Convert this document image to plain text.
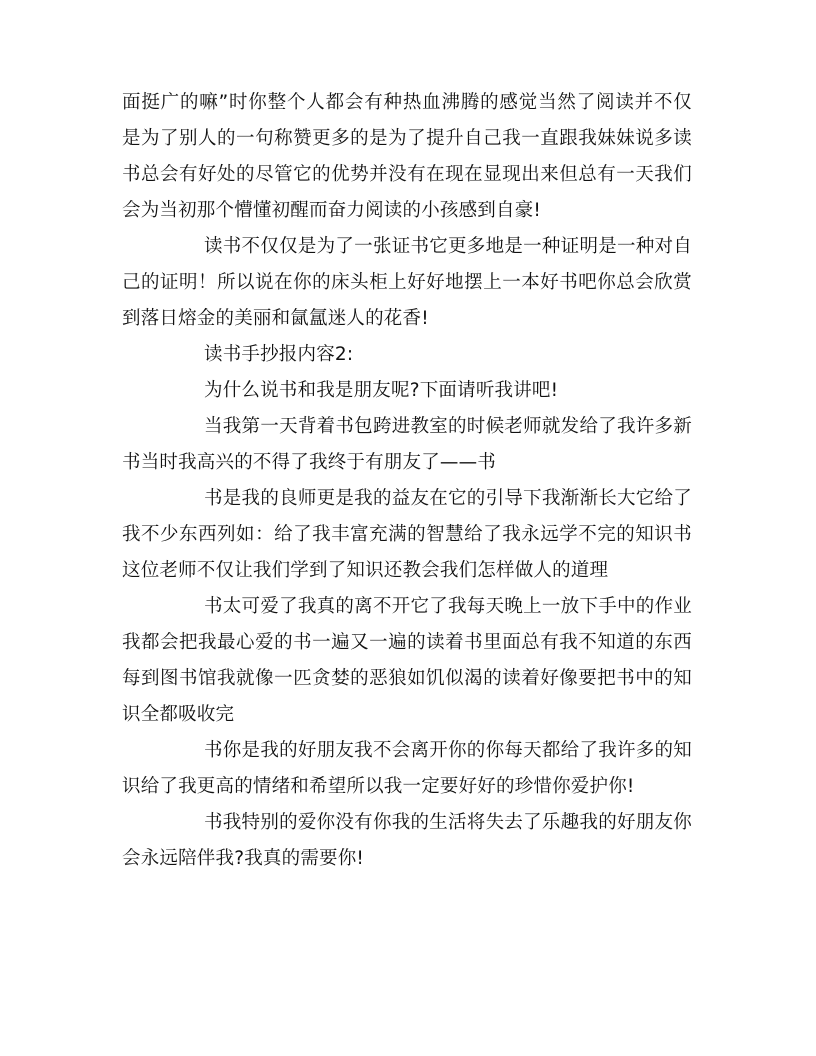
面挺广的嘛”时你整个人都会有种热血沸腾的感觉当然了阅读并不仅
是为了别人的一句称赞更多的是为了提升自己我一直跟我妹妹说多读
书总会有好处的尽管它的优势并没有在现在显现出来但总有一天我们
会为当初那个懵懂初醒而奋力阅读的小孩感到自豪!
读书不仅仅是为了一张证书它更多地是一种证明是一种对自
己的证明！所以说在你的床头柜上好好地摆上一本好书吧你总会欣赏
到落日熔金的美丽和氤氲迷人的花香!
读书手抄报内容2:
为什么说书和我是朋友呢?下面请听我讲吧!
当我第一天背着书包跨进教室的时候老师就发给了我许多新
书当时我高兴的不得了我终于有朋友了——书
书是我的良师更是我的益友在它的引导下我渐渐长大它给了
我不少东西列如：给了我丰富充满的智慧给了我永远学不完的知识书
这位老师不仅让我们学到了知识还教会我们怎样做人的道理
书太可爱了我真的离不开它了我每天晚上一放下手中的作业
我都会把我最心爱的书一遍又一遍的读着书里面总有我不知道的东西
每到图书馆我就像一匹贪婪的恶狼如饥似渴的读着好像要把书中的知
识全都吸收完
书你是我的好朋友我不会离开你的你每天都给了我许多的知
识给了我更高的情绪和希望所以我一定要好好的珍惜你爱护你!
书我特别的爱你没有你我的生活将失去了乐趣我的好朋友你
会永远陪伴我?我真的需要你!
